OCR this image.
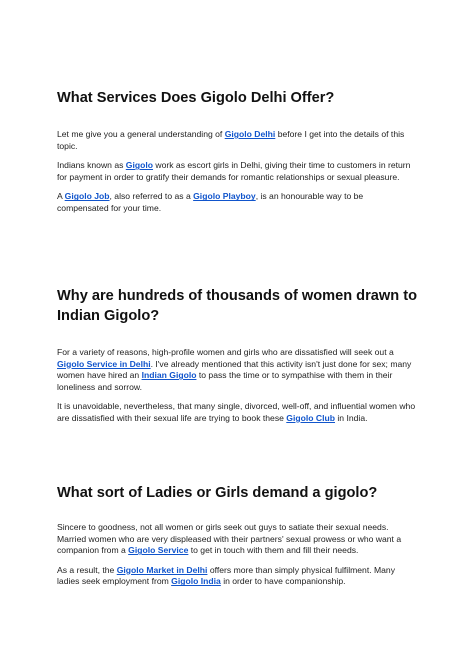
What Services Does Gigolo Delhi Offer?

Let me give you a general understanding of Gigolo Delhi before I get into the details of this topic.

Indians known as Gigolo work as escort girls in Delhi, giving their time to customers in return for payment in order to gratify their demands for romantic relationships or sexual pleasure.

A Gigolo Job, also referred to as a Gigolo Playboy, is an honourable way to be compensated for your time.

Why are hundreds of thousands of women drawn to Indian Gigolo?

For a variety of reasons, high-profile women and girls who are dissatisfied will seek out a Gigolo Service in Delhi. I've already mentioned that this activity isn't just done for sex; many women have hired an Indian Gigolo to pass the time or to sympathise with them in their loneliness and sorrow.

It is unavoidable, nevertheless, that many single, divorced, well-off, and influential women who are dissatisfied with their sexual life are trying to book these Gigolo Club in India.

What sort of Ladies or Girls demand a gigolo?

Sincere to goodness, not all women or girls seek out guys to satiate their sexual needs. Married women who are very displeased with their partners' sexual prowess or who want a companion from a Gigolo Service to get in touch with them and fill their needs.

As a result, the Gigolo Market in Delhi offers more than simply physical fulfilment. Many ladies seek employment from Gigolo India in order to have companionship.
